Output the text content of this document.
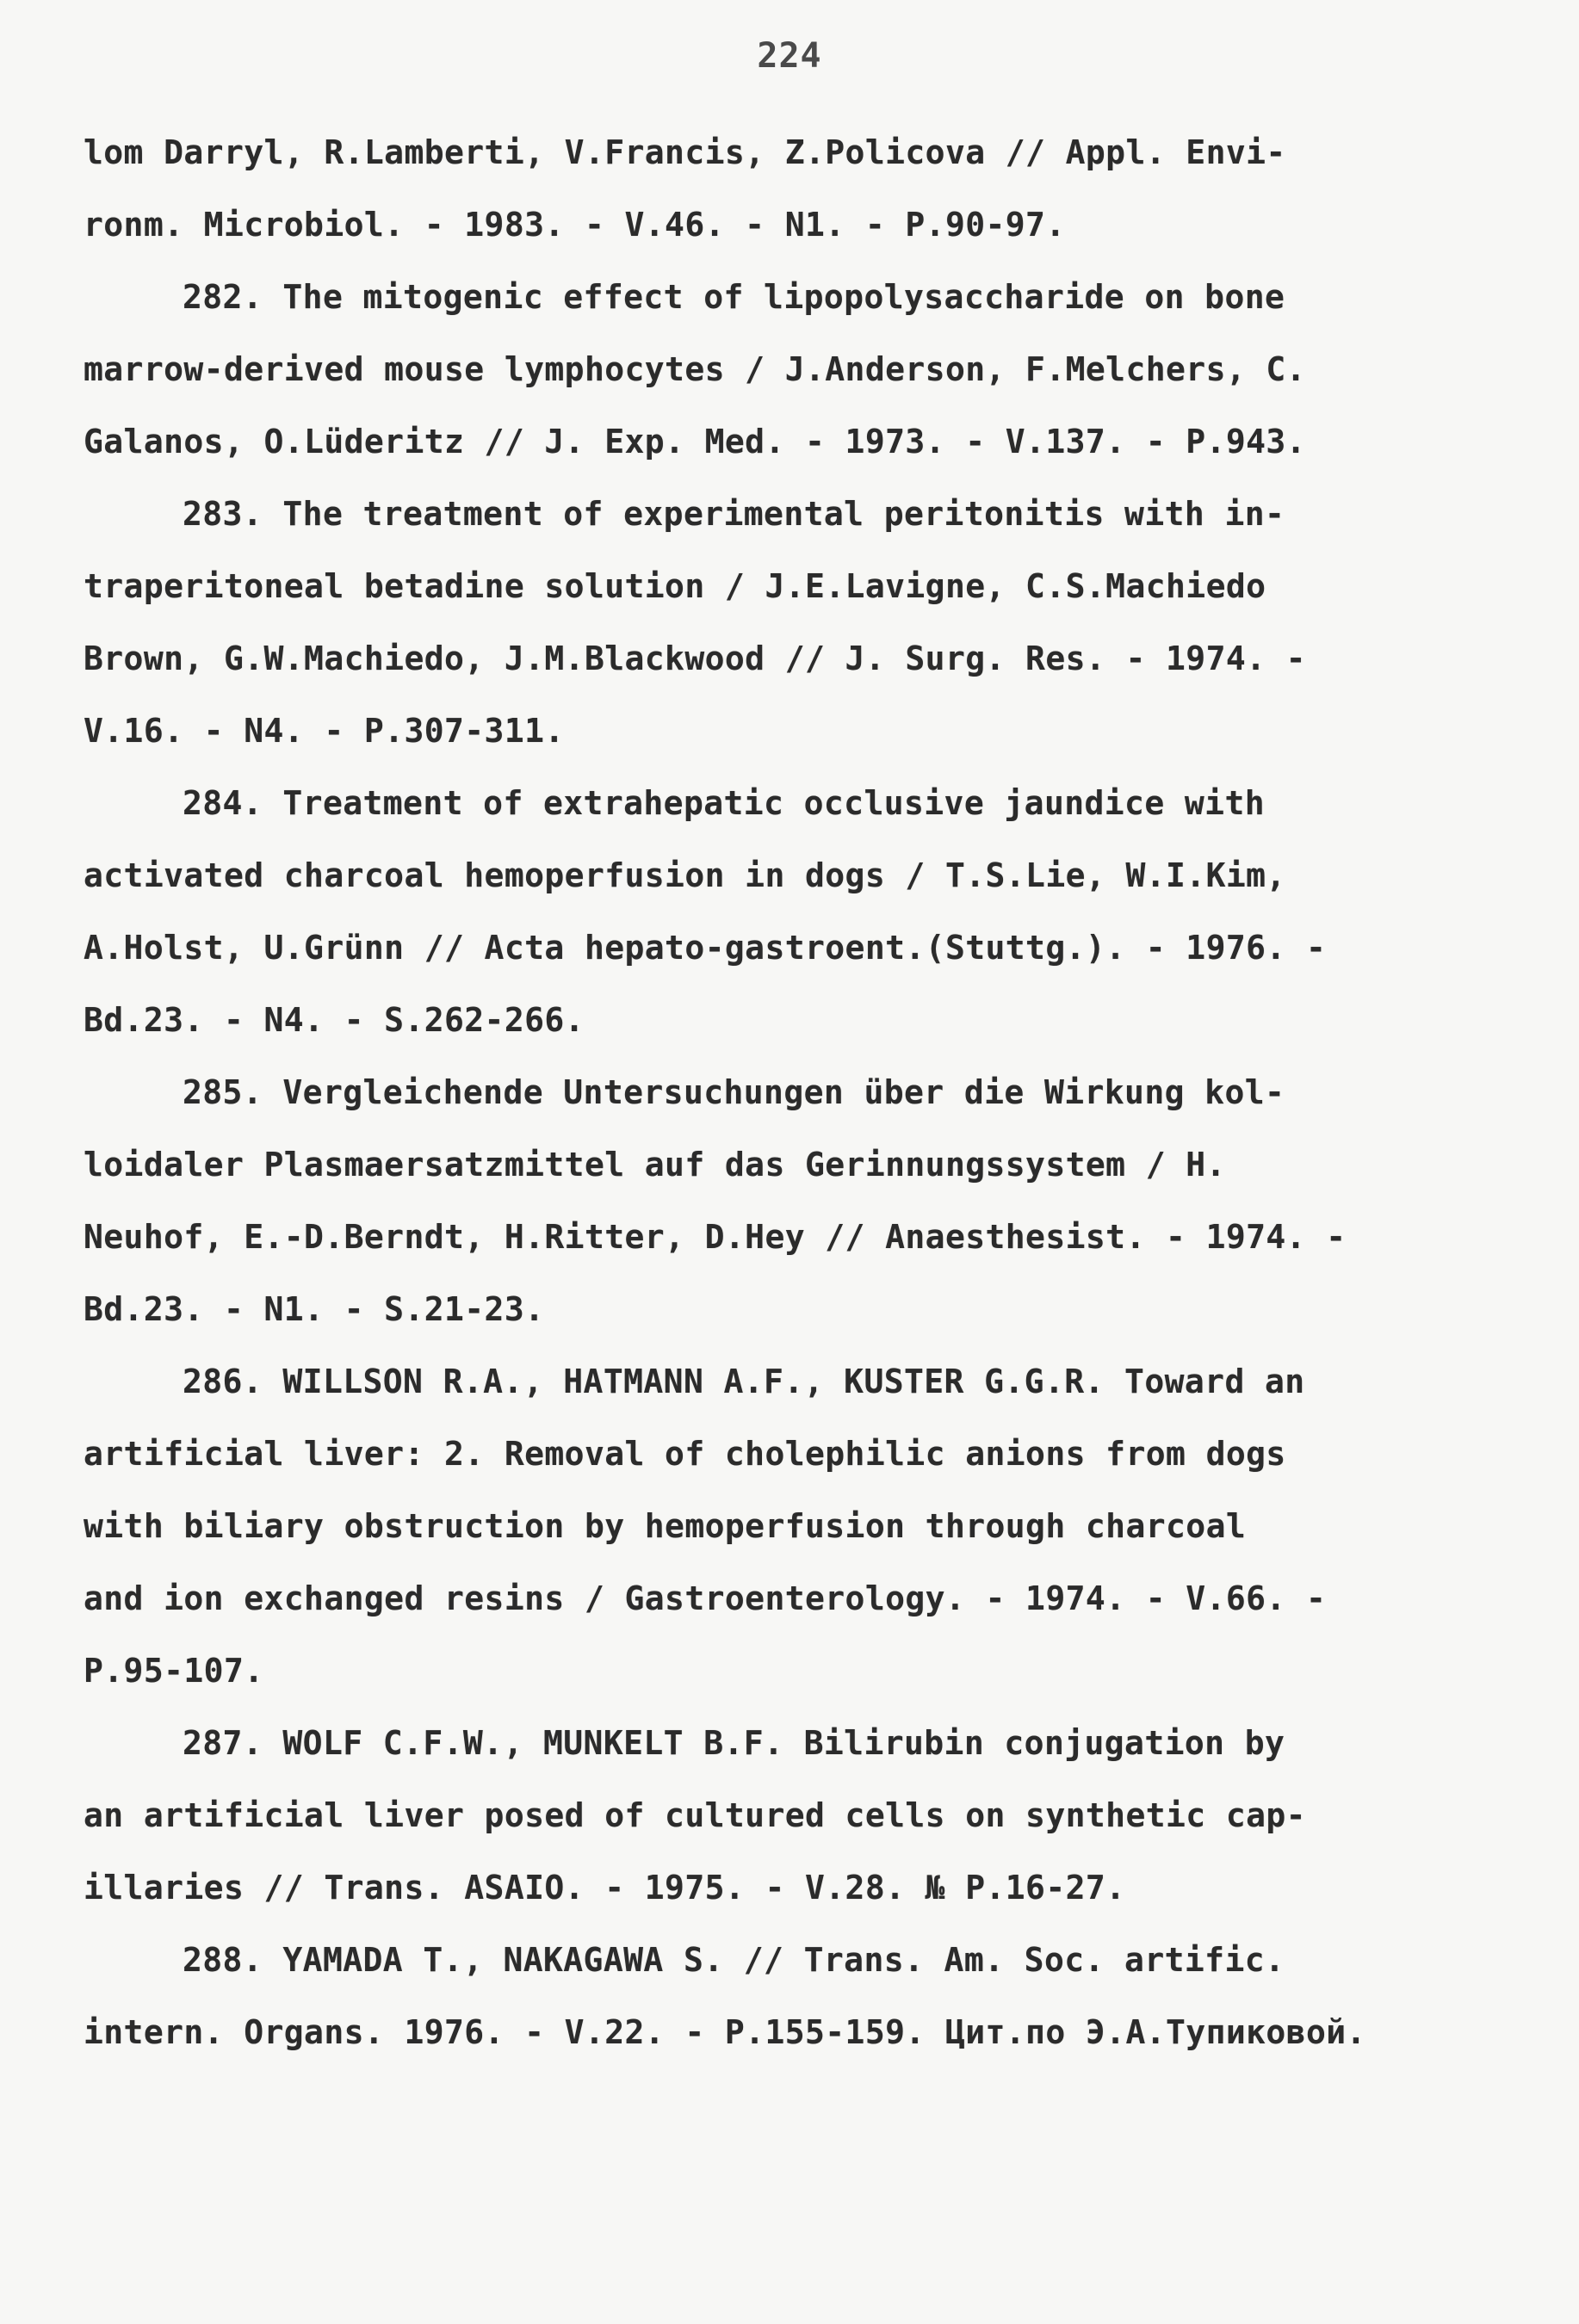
224
lom Darryl, R.Lamberti, V.Francis, Z.Policova // Appl. Envi-
ronm. Microbiol. - 1983. - V.46. - N1. - P.90-97.
282. The mitogenic effect of lipopolysaccharide on bone
marrow-derived mouse lymphocytes / J.Anderson, F.Melchers, C.
Galanos, O.Lüderitz // J. Exp. Med. - 1973. - V.137. - P.943.
283. The treatment of experimental peritonitis with in-
traperitoneal betadine solution / J.E.Lavigne, C.S.Machiedo
Brown, G.W.Machiedo, J.M.Blackwood // J. Surg. Res. - 1974. -
V.16. - N4. - P.307-311.
284. Treatment of extrahepatic occlusive jaundice with
activated charcoal hemoperfusion in dogs / T.S.Lie, W.I.Kim,
A.Holst, U.Grünn // Acta hepato-gastroent.(Stuttg.). - 1976. -
Bd.23. - N4. - S.262-266.
285. Vergleichende Untersuchungen über die Wirkung kol-
loidaler Plasmaersatzmittel auf das Gerinnungssystem / H.
Neuhof, E.-D.Berndt, H.Ritter, D.Hey // Anaesthesist. - 1974. -
Bd.23. - N1. - S.21-23.
286. WILLSON R.A., HATMANN A.F., KUSTER G.G.R. Toward an
artificial liver: 2. Removal of cholephilic anions from dogs
with biliary obstruction by hemoperfusion through charcoal
and ion exchanged resins / Gastroenterology. - 1974. - V.66. -
P.95-107.
287. WOLF C.F.W., MUNKELT B.F. Bilirubin conjugation by
an artificial liver posed of cultured cells on synthetic cap-
illaries // Trans. ASAIO. - 1975. - V.28. № P.16-27.
288. YAMADA T., NAKAGAWA S. // Trans. Am. Soc. artific.
intern. Organs. 1976. - V.22. - P.155-159. Цит.по Э.А.Тупиковой.
